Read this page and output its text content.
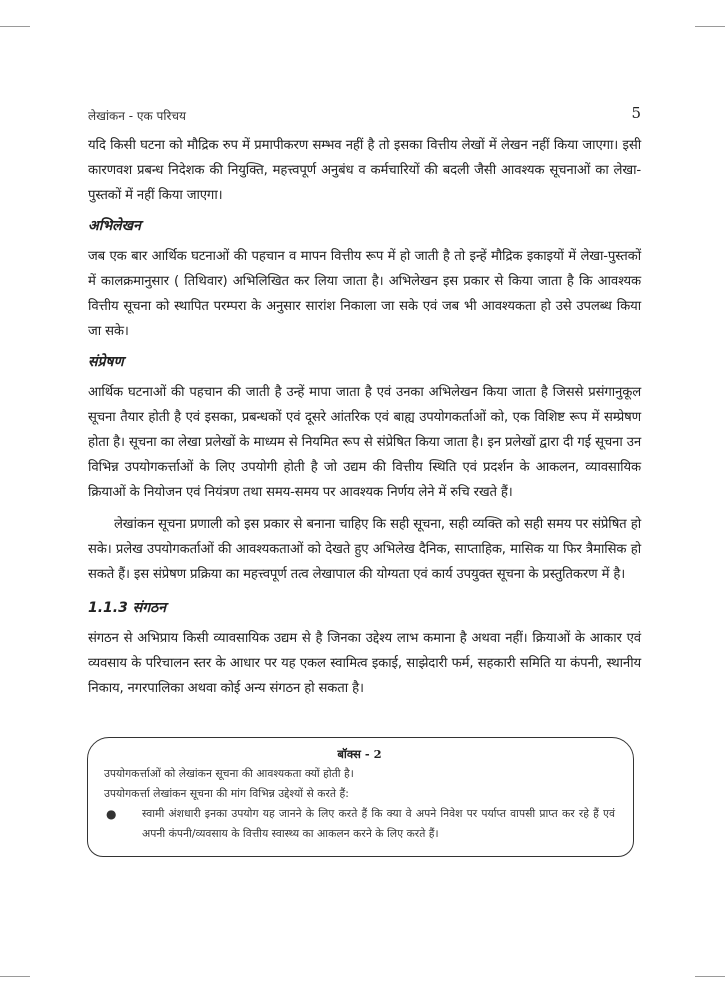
लेखांकन - एक परिचय	5

यदि किसी घटना को मौद्रिक रुप में प्रमापीकरण सम्भव नहीं है तो इसका वित्तीय लेखों में लेखन नहीं किया जाएगा। इसी कारणवश प्रबन्ध निदेशक की नियुक्ति, महत्त्वपूर्ण अनुबंध व कर्मचारियों की बदली जैसी आवश्यक सूचनाओं का लेखा-पुस्तकों में नहीं किया जाएगा।

अभिलेखन

जब एक बार आर्थिक घटनाओं की पहचान व मापन वित्तीय रूप में हो जाती है तो इन्हें मौद्रिक इकाइयों में लेखा-पुस्तकों में कालक्रमानुसार ( तिथिवार) अभिलिखित कर लिया जाता है। अभिलेखन इस प्रकार से किया जाता है कि आवश्यक वित्तीय सूचना को स्थापित परम्परा के अनुसार सारांश निकाला जा सके एवं जब भी आवश्यकता हो उसे उपलब्ध किया जा सके।

संप्रेषण

आर्थिक घटनाओं की पहचान की जाती है उन्हें मापा जाता है एवं उनका अभिलेखन किया जाता है जिससे प्रसंगानुकूल सूचना तैयार होती है एवं इसका, प्रबन्धकों एवं दूसरे आंतरिक एवं बाह्य उपयोगकर्ताओं को, एक विशिष्ट रूप में सम्प्रेषण होता है। सूचना का लेखा प्रलेखों के माध्यम से नियमित रूप से संप्रेषित किया जाता है। इन प्रलेखों द्वारा दी गई सूचना उन विभिन्न उपयोगकर्त्ताओं के लिए उपयोगी होती है जो उद्यम की वित्तीय स्थिति एवं प्रदर्शन के आकलन, व्यावसायिक क्रियाओं के नियोजन एवं नियंत्रण तथा समय-समय पर आवश्यक निर्णय लेने में रुचि रखते हैं।

लेखांकन सूचना प्रणाली को इस प्रकार से बनाना चाहिए कि सही सूचना, सही व्यक्ति को सही समय पर संप्रेषित हो सके। प्रलेख उपयोगकर्ताओं की आवश्यकताओं को देखते हुए अभिलेख दैनिक, साप्ताहिक, मासिक या फिर त्रैमासिक हो सकते हैं। इस संप्रेषण प्रक्रिया का महत्त्वपूर्ण तत्व लेखापाल की योग्यता एवं कार्य उपयुक्त सूचना के प्रस्तुतिकरण में है।

1.1.3 संगठन

संगठन से अभिप्राय किसी व्यावसायिक उद्यम से है जिनका उद्देश्य लाभ कमाना है अथवा नहीं। क्रियाओं के आकार एवं व्यवसाय के परिचालन स्तर के आधार पर यह एकल स्वामित्व इकाई, साझेदारी फर्म, सहकारी समिति या कंपनी, स्थानीय निकाय, नगरपालिका अथवा कोई अन्य संगठन हो सकता है।

बॉक्स - 2
उपयोगकर्त्ताओं को लेखांकन सूचना की आवश्यकता क्यों होती है।
उपयोगकर्त्ता लेखांकन सूचना की मांग विभिन्न उद्देश्यों से करते हैं:
●	स्वामी अंशधारी इनका उपयोग यह जानने के लिए करते हैं कि क्या वे अपने निवेश पर पर्याप्त वापसी प्राप्त कर रहे हैं एवं अपनी कंपनी/व्यवसाय के वित्तीय स्वास्थ्य का आकलन करने के लिए करते हैं।
